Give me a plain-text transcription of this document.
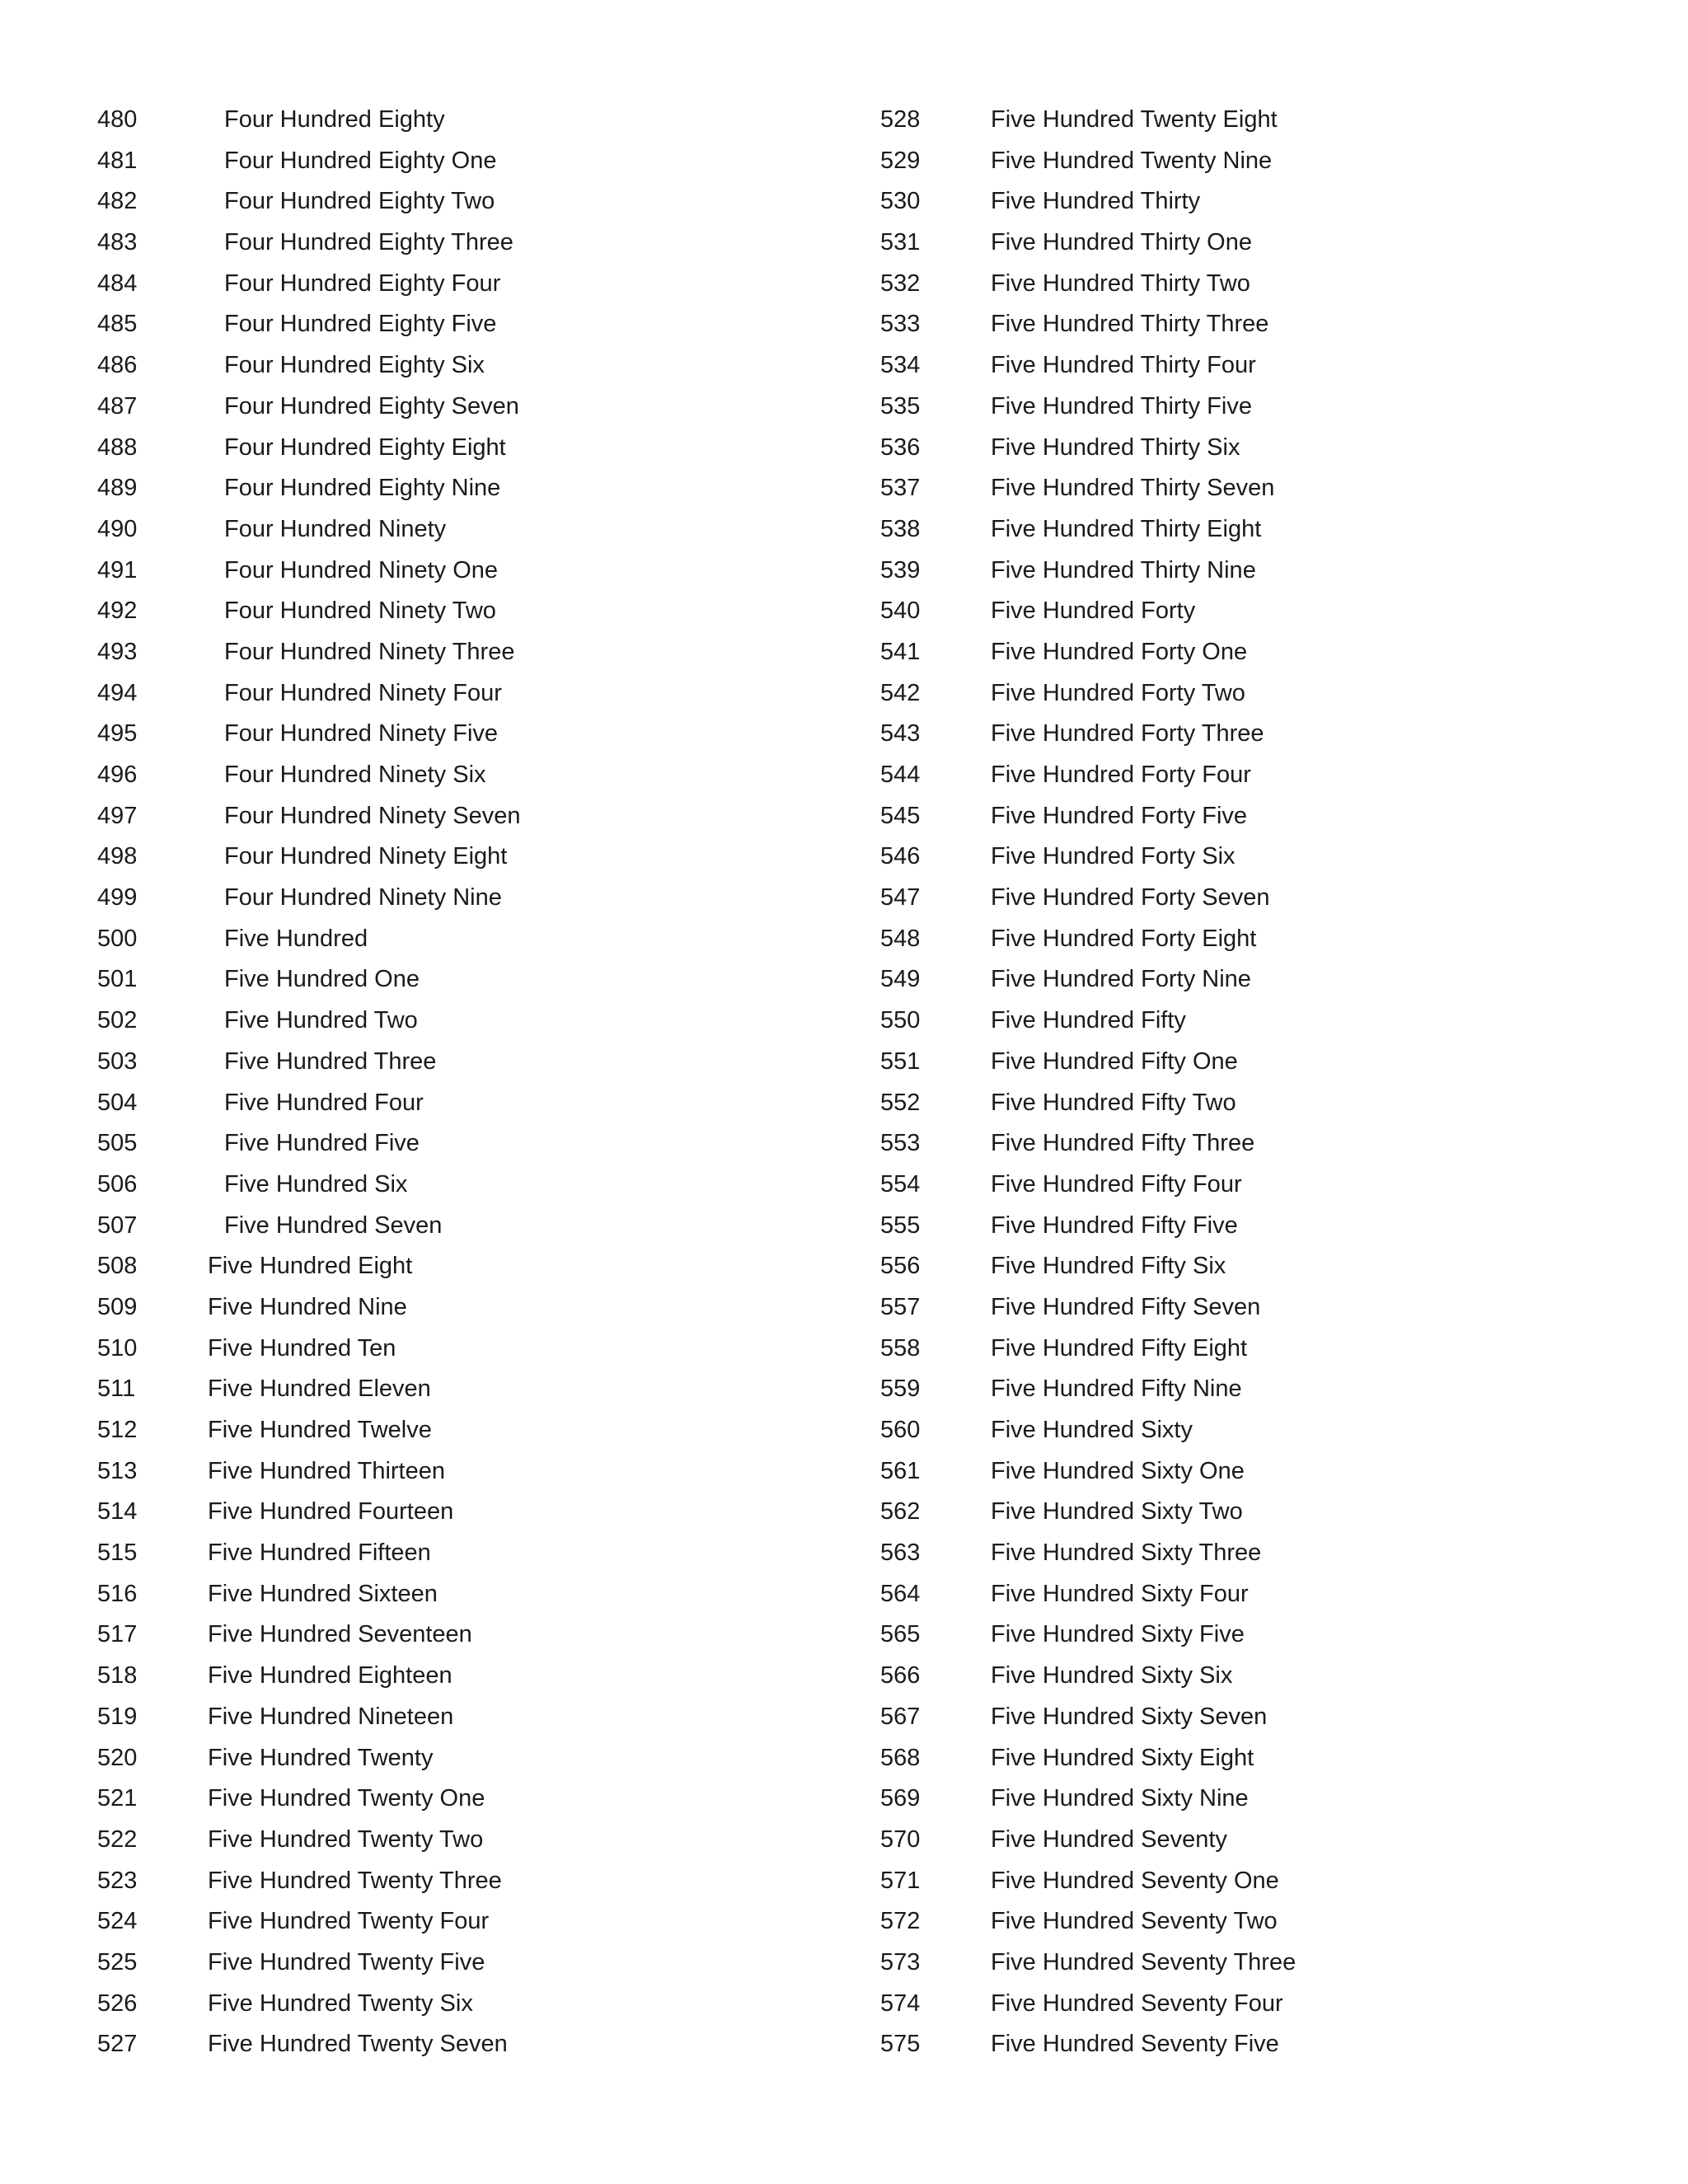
480	Four Hundred Eighty
481	Four Hundred Eighty One
482	Four Hundred Eighty Two
483	Four Hundred Eighty Three
484	Four Hundred Eighty Four
485	Four Hundred Eighty Five
486	Four Hundred Eighty Six
487	Four Hundred Eighty Seven
488	Four Hundred Eighty Eight
489	Four Hundred Eighty Nine
490	Four Hundred Ninety
491	Four Hundred Ninety One
492	Four Hundred Ninety Two
493	Four Hundred Ninety Three
494	Four Hundred Ninety Four
495	Four Hundred Ninety Five
496	Four Hundred Ninety Six
497	Four Hundred Ninety Seven
498	Four Hundred Ninety Eight
499	Four Hundred Ninety Nine
500	Five Hundred
501	Five Hundred One
502	Five Hundred Two
503	Five Hundred Three
504	Five Hundred Four
505	Five Hundred Five
506	Five Hundred Six
507	Five Hundred Seven
508	Five Hundred Eight
509	Five Hundred Nine
510	Five Hundred Ten
511	Five Hundred Eleven
512	Five Hundred Twelve
513	Five Hundred Thirteen
514	Five Hundred Fourteen
515	Five Hundred Fifteen
516	Five Hundred Sixteen
517	Five Hundred Seventeen
518	Five Hundred Eighteen
519	Five Hundred Nineteen
520	Five Hundred Twenty
521	Five Hundred Twenty One
522	Five Hundred Twenty Two
523	Five Hundred Twenty Three
524	Five Hundred Twenty Four
525	Five Hundred Twenty Five
526	Five Hundred Twenty Six
527	Five Hundred Twenty Seven
528	Five Hundred Twenty Eight
529	Five Hundred Twenty Nine
530	Five Hundred Thirty
531	Five Hundred Thirty One
532	Five Hundred Thirty Two
533	Five Hundred Thirty Three
534	Five Hundred Thirty Four
535	Five Hundred Thirty Five
536	Five Hundred Thirty Six
537	Five Hundred Thirty Seven
538	Five Hundred Thirty Eight
539	Five Hundred Thirty Nine
540	Five Hundred Forty
541	Five Hundred Forty One
542	Five Hundred Forty Two
543	Five Hundred Forty Three
544	Five Hundred Forty Four
545	Five Hundred Forty Five
546	Five Hundred Forty Six
547	Five Hundred Forty Seven
548	Five Hundred Forty Eight
549	Five Hundred Forty Nine
550	Five Hundred Fifty
551	Five Hundred Fifty One
552	Five Hundred Fifty Two
553	Five Hundred Fifty Three
554	Five Hundred Fifty Four
555	Five Hundred Fifty Five
556	Five Hundred Fifty Six
557	Five Hundred Fifty Seven
558	Five Hundred Fifty Eight
559	Five Hundred Fifty Nine
560	Five Hundred Sixty
561	Five Hundred Sixty One
562	Five Hundred Sixty Two
563	Five Hundred Sixty Three
564	Five Hundred Sixty Four
565	Five Hundred Sixty Five
566	Five Hundred Sixty Six
567	Five Hundred Sixty Seven
568	Five Hundred Sixty Eight
569	Five Hundred Sixty Nine
570	Five Hundred Seventy
571	Five Hundred Seventy One
572	Five Hundred Seventy Two
573	Five Hundred Seventy Three
574	Five Hundred Seventy Four
575	Five Hundred Seventy Five
